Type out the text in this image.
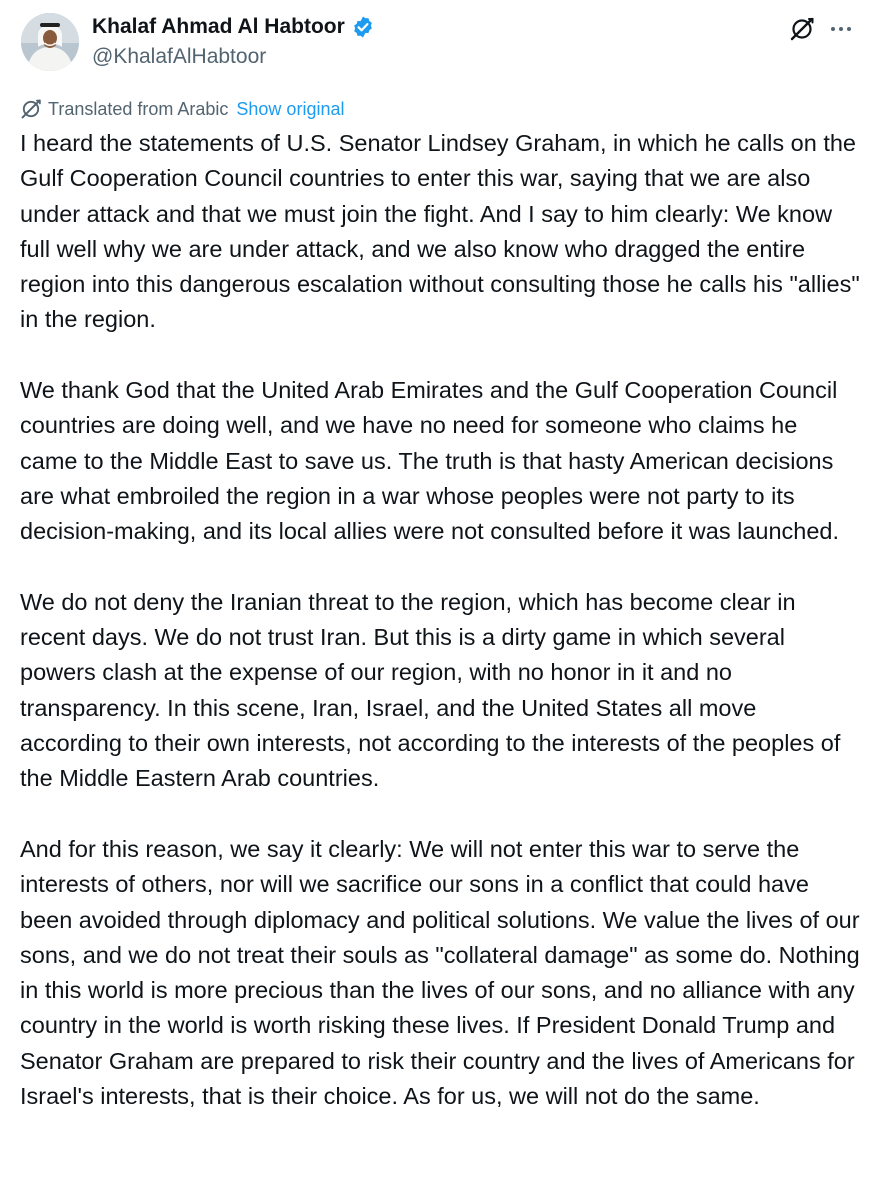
Khalaf Ahmad Al Habtoor
@KhalafAlHabtoor
Translated from Arabic Show original

I heard the statements of U.S. Senator Lindsey Graham, in which he calls on the Gulf Cooperation Council countries to enter this war, saying that we are also under attack and that we must join the fight. And I say to him clearly: We know full well why we are under attack, and we also know who dragged the entire region into this dangerous escalation without consulting those he calls his "allies" in the region.

We thank God that the United Arab Emirates and the Gulf Cooperation Council countries are doing well, and we have no need for someone who claims he came to the Middle East to save us. The truth is that hasty American decisions are what embroiled the region in a war whose peoples were not party to its decision-making, and its local allies were not consulted before it was launched.

We do not deny the Iranian threat to the region, which has become clear in recent days. We do not trust Iran. But this is a dirty game in which several powers clash at the expense of our region, with no honor in it and no transparency. In this scene, Iran, Israel, and the United States all move according to their own interests, not according to the interests of the peoples of the Middle Eastern Arab countries.

And for this reason, we say it clearly: We will not enter this war to serve the interests of others, nor will we sacrifice our sons in a conflict that could have been avoided through diplomacy and political solutions. We value the lives of our sons, and we do not treat their souls as "collateral damage" as some do. Nothing in this world is more precious than the lives of our sons, and no alliance with any country in the world is worth risking these lives. If President Donald Trump and Senator Graham are prepared to risk their country and the lives of Americans for Israel's interests, that is their choice. As for us, we will not do the same.
